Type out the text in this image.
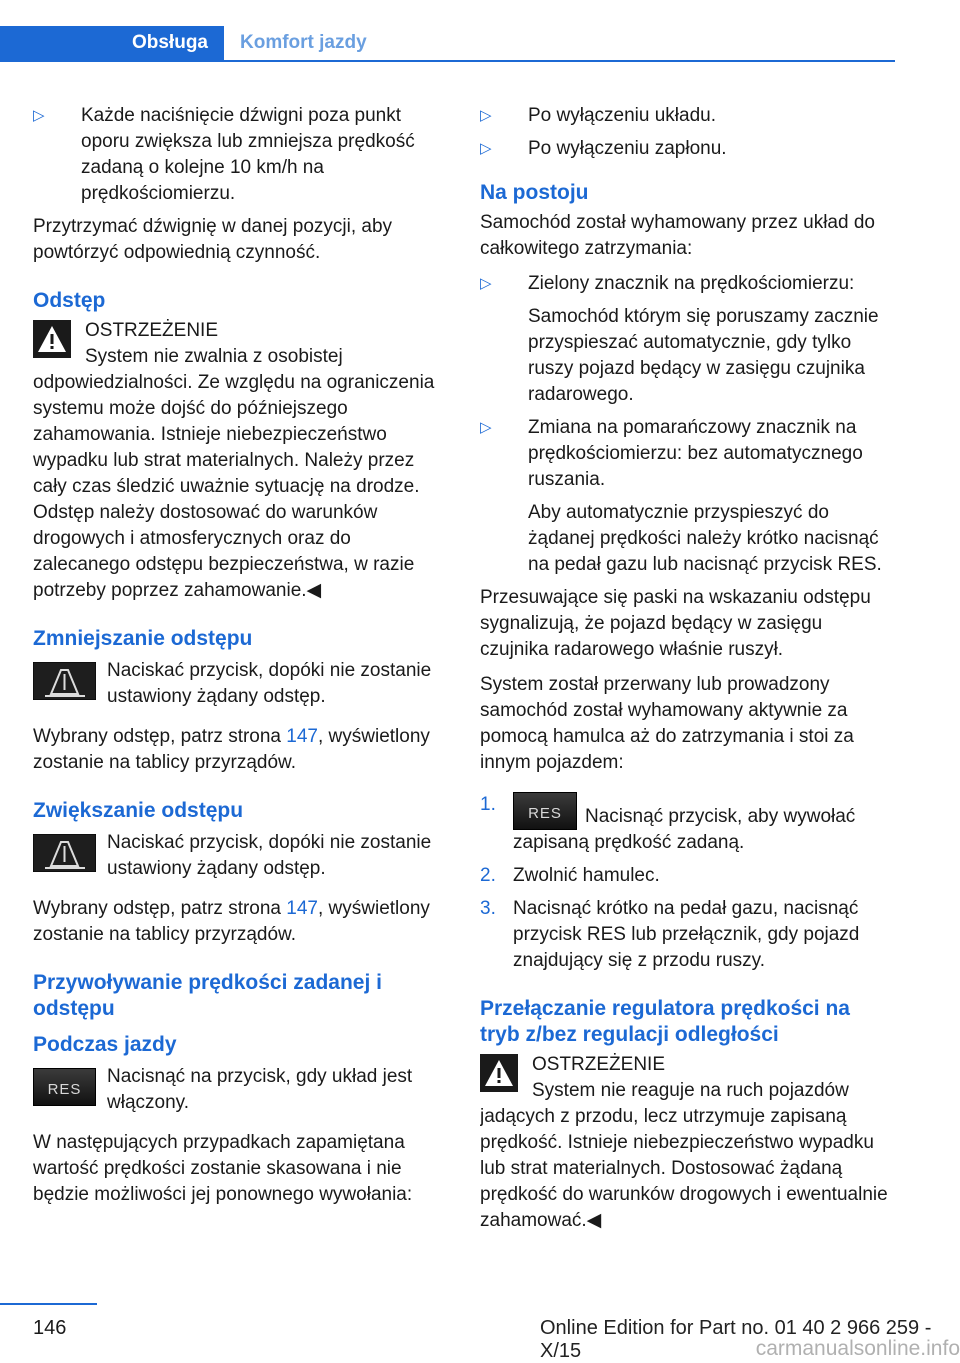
Obsługa	Komfort jazdy
▷ Każde naciśnięcie dźwigni poza punkt oporu zwiększa lub zmniejsza prędkość zadaną o kolejne 10 km/h na prędkościomierzu.

Przytrzymać dźwignię w danej pozycji, aby powtórzyć odpowiednią czynność.

Odstęp
OSTRZEŻENIE
System nie zwalnia z osobistej odpowiedzialności. Ze względu na ograniczenia systemu może dojść do późniejszego zahamowania. Istnieje niebezpieczeństwo wypadku lub strat materialnych. Należy przez cały czas śledzić uważnie sytuację na drodze. Odstęp należy dostosować do warunków drogowych i atmosferycznych oraz do zalecanego odstępu bezpieczeństwa, w razie potrzeby poprzez zahamowanie.◀
Zmniejszanie odstępu
Naciskać przycisk, dopóki nie zostanie ustawiony żądany odstęp.

Wybrany odstęp, patrz strona 147, wyświetlony zostanie na tablicy przyrządów.

Zwiększanie odstępu
Naciskać przycisk, dopóki nie zostanie ustawiony żądany odstęp.

Wybrany odstęp, patrz strona 147, wyświetlony zostanie na tablicy przyrządów.

Przywoływanie prędkości zadanej i odstępu
Podczas jazdy
RES
Nacisnąć na przycisk, gdy układ jest włączony.

W następujących przypadkach zapamiętana wartość prędkości zostanie skasowana i nie będzie możliwości jej ponownego wywołania:

▷ Po wyłączeniu układu.
▷ Po wyłączeniu zapłonu.
Na postoju

Samochód został wyhamowany przez układ do całkowitego zatrzymania:

▷ Zielony znacznik na prędkościomierzu:
Samochód którym się poruszamy zacznie przyspieszać automatycznie, gdy tylko ruszy pojazd będący w zasięgu czujnika radarowego.
▷ Zmiana na pomarańczowy znacznik na prędkościomierzu: bez automatycznego ruszania.
Aby automatycznie przyspieszyć do żądanej prędkości należy krótko nacisnąć na pedał gazu lub nacisnąć przycisk RES.

Przesuwające się paski na wskazaniu odstępu sygnalizują, że pojazd będący w zasięgu czujnika radarowego właśnie ruszył.

System został przerwany lub prowadzony samochód został wyhamowany aktywnie za pomocą hamulca aż do zatrzymania i stoi za innym pojazdem:

1.	RES	Nacisnąć przycisk, aby wywołać zapisaną prędkość zadaną.
2. Zwolnić hamulec.
3. Nacisnąć krótko na pedał gazu, nacisnąć przycisk RES lub przełącznik, gdy pojazd znajdujący się z przodu ruszy.
Przełączanie regulatora prędkości na tryb z/bez regulacji odległości
OSTRZEŻENIE
System nie reaguje na ruch pojazdów jadących z przodu, lecz utrzymuje zapisaną prędkość. Istnieje niebezpieczeństwo wypadku lub strat materialnych. Dostosować żądaną prędkość do warunków drogowych i ewentualnie zahamować.◀
146	Online Edition for Part no. 01 40 2 966 259 - X/15	carmanualsonline.info
